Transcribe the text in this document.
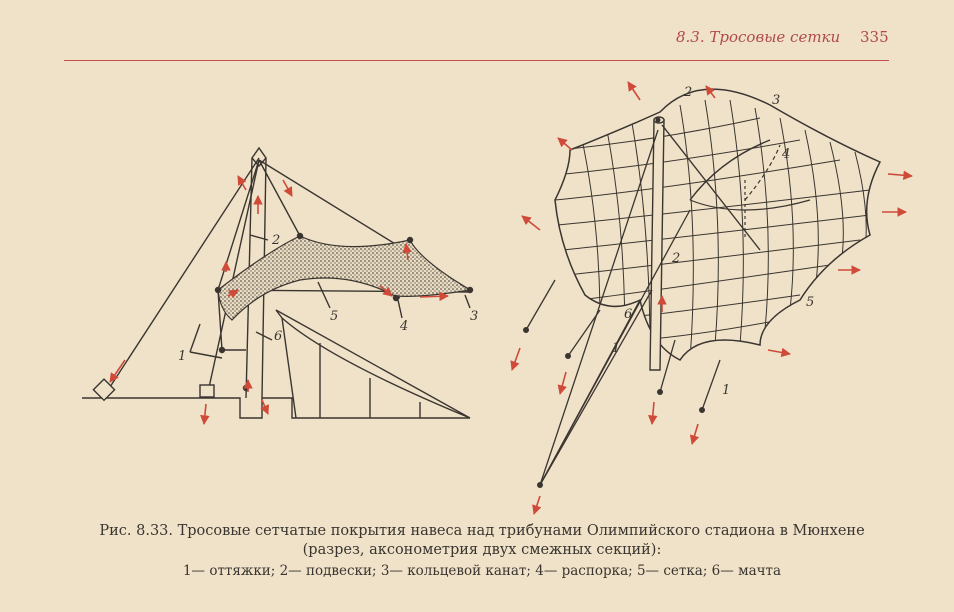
8.3. Тросовые сетки 335
2
1
6
5
4
3
2
3
4
2
6
5
1
1
Рис. 8.33. Тросовые сетчатые покрытия навеса над трибунами Олимпийского стадиона в Мюнхене (разрез, аксонометрия двух смежных секций):
1— оттяжки; 2— подвески; 3— кольцевой канат; 4— распорка; 5— сетка; 6— мачта
